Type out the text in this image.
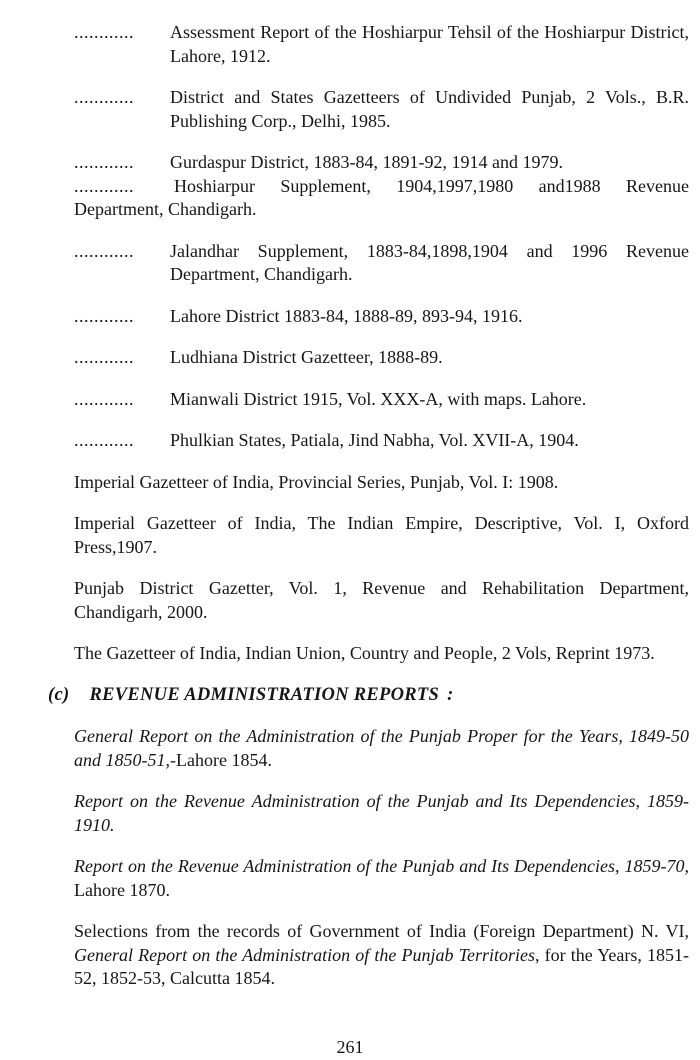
............ Assessment Report of the Hoshiarpur Tehsil of the Hoshiarpur District, Lahore, 1912.
............ District and States Gazetteers of Undivided Punjab, 2 Vols., B.R. Publishing Corp., Delhi, 1985.
............ Gurdaspur District, 1883-84, 1891-92, 1914 and 1979.
............ Hoshiarpur Supplement, 1904,1997,1980 and1988 Revenue
Department, Chandigarh.
............ Jalandhar Supplement, 1883-84,1898,1904 and 1996 Revenue Department, Chandigarh.
............ Lahore District 1883-84, 1888-89, 893-94, 1916.
............ Ludhiana District Gazetteer, 1888-89.
............ Mianwali District 1915, Vol. XXX-A, with maps. Lahore.
............ Phulkian States, Patiala, Jind Nabha, Vol. XVII-A, 1904.
Imperial Gazetteer of India, Provincial Series, Punjab, Vol. I: 1908.
Imperial Gazetteer of India, The Indian Empire, Descriptive, Vol. I, Oxford Press,1907.
Punjab District Gazetter, Vol. 1, Revenue and Rehabilitation Department, Chandigarh, 2000.
The Gazetteer of India, Indian Union, Country and People, 2 Vols, Reprint 1973.
(c) REVENUE ADMINISTRATION REPORTS :
General Report on the Administration of the Punjab Proper for the Years, 1849-50 and 1850-51,-Lahore 1854.
Report on the Revenue Administration of the Punjab and Its Dependencies, 1859-1910.
Report on the Revenue Administration of the Punjab and Its Dependencies, 1859-70, Lahore 1870.
Selections from the records of Government of India (Foreign Department) N. VI, General Report on the Administration of the Punjab Territories, for the Years, 1851-52, 1852-53, Calcutta 1854.
261
